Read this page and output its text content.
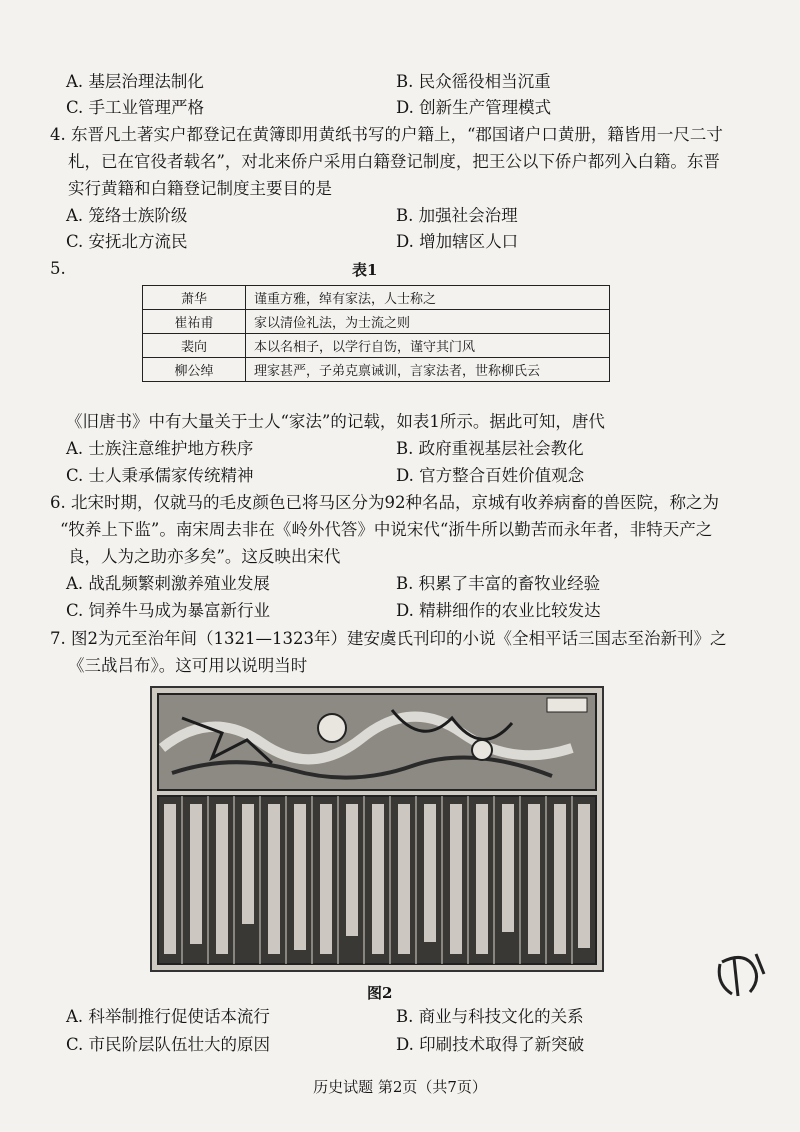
A. 基层治理法制化	B. 民众徭役相当沉重
C. 手工业管理严格	D. 创新生产管理模式
4. 东晋凡土著实户都登记在黄簿即用黄纸书写的户籍上，“郡国诸户口黄册，籍皆用一尺二寸
札，已在官役者载名”，对北来侨户采用白籍登记制度，把王公以下侨户都列入白籍。东晋
实行黄籍和白籍登记制度主要目的是
A. 笼络士族阶级	B. 加强社会治理
C. 安抚北方流民	D. 增加辖区人口
5.	表1
萧华	谨重方雅，绰有家法，人士称之
崔祐甫	家以清俭礼法，为士流之则
裴向	本以名相子，以学行自饬，谨守其门风
柳公绰	理家甚严，子弟克禀诫训，言家法者，世称柳氏云
《旧唐书》中有大量关于士人“家法”的记载，如表1所示。据此可知，唐代
A. 士族注意维护地方秩序	B. 政府重视基层社会教化
C. 士人秉承儒家传统精神	D. 官方整合百姓价值观念
6. 北宋时期，仅就马的毛皮颜色已将马区分为92种名品，京城有收养病畜的兽医院，称之为
“牧养上下监”。南宋周去非在《岭外代答》中说宋代“浙牛所以勤苦而永年者，非特天产之
良，人为之助亦多矣”。这反映出宋代
A. 战乱频繁刺激养殖业发展	B. 积累了丰富的畜牧业经验
C. 饲养牛马成为暴富新行业	D. 精耕细作的农业比较发达
7. 图2为元至治年间（1321—1323年）建安虞氏刊印的小说《全相平话三国志至治新刊》之
《三战吕布》。这可用以说明当时
图2
A. 科举制推行促使话本流行	B. 商业与科技文化的关系
C. 市民阶层队伍壮大的原因	D. 印刷技术取得了新突破
历史试题 第2页（共7页）
